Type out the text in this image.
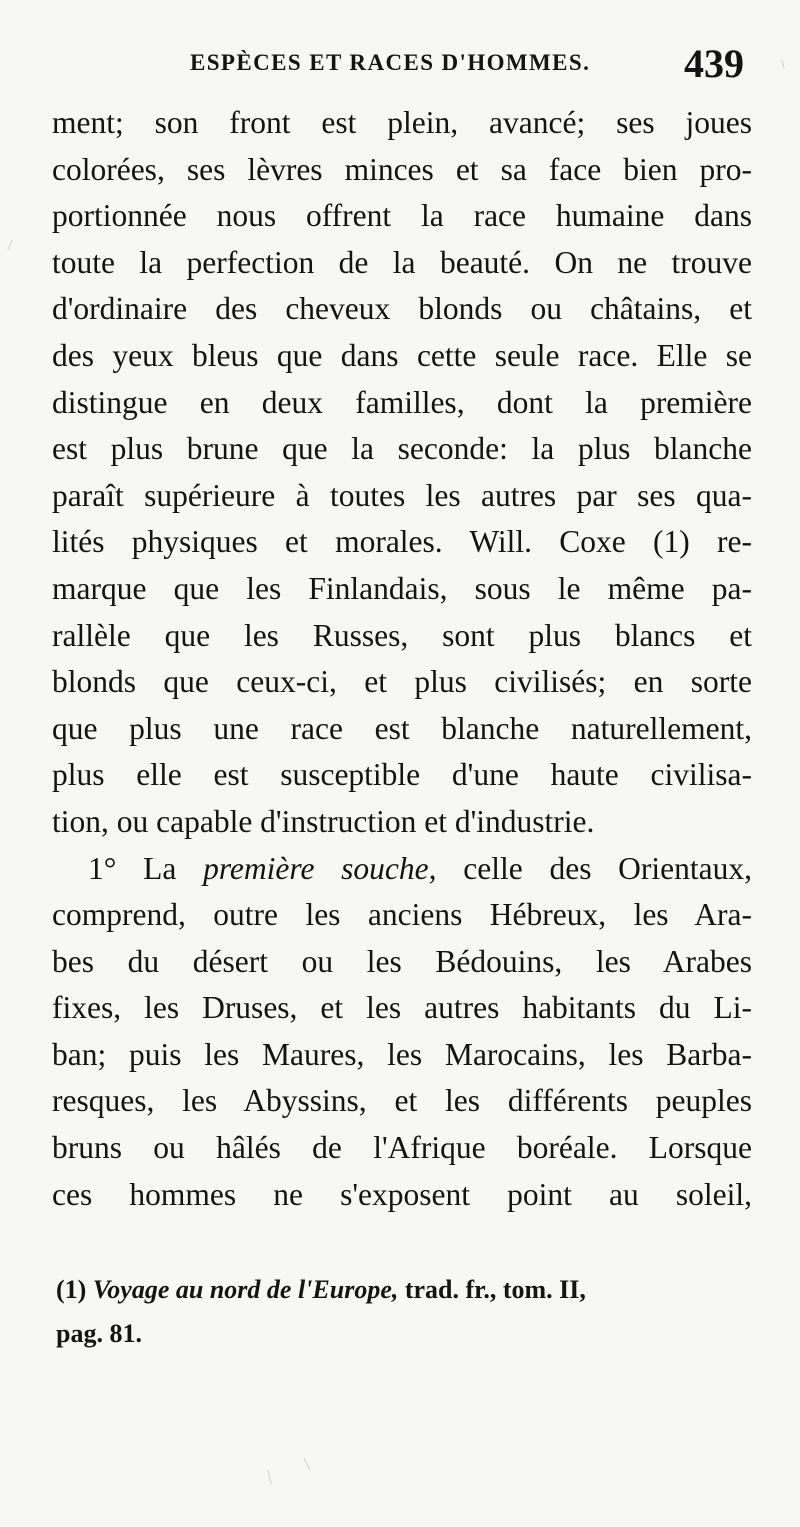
ESPÈCES ET RACES D'HOMMES. 439
ment; son front est plein, avancé; ses joues
colorées, ses lèvres minces et sa face bien pro-
portionnée nous offrent la race humaine dans
toute la perfection de la beauté. On ne trouve
d'ordinaire des cheveux blonds ou châtains, et
des yeux bleus que dans cette seule race. Elle se
distingue en deux familles, dont la première
est plus brune que la seconde: la plus blanche
paraît supérieure à toutes les autres par ses qua-
lités physiques et morales. Will. Coxe (1) re-
marque que les Finlandais, sous le même pa-
rallèle que les Russes, sont plus blancs et
blonds que ceux-ci, et plus civilisés; en sorte
que plus une race est blanche naturellement,
plus elle est susceptible d'une haute civilisa-
tion, ou capable d'instruction et d'industrie.
1° La première souche, celle des Orientaux,
comprend, outre les anciens Hébreux, les Ara-
bes du désert ou les Bédouins, les Arabes
fixes, les Druses, et les autres habitants du Li-
ban; puis les Maures, les Marocains, les Barba-
resques, les Abyssins, et les différents peuples
bruns ou hâlés de l'Afrique boréale. Lorsque
ces hommes ne s'exposent point au soleil,
(1) Voyage au nord de l'Europe, trad. fr., tom. II,
pag. 81.
